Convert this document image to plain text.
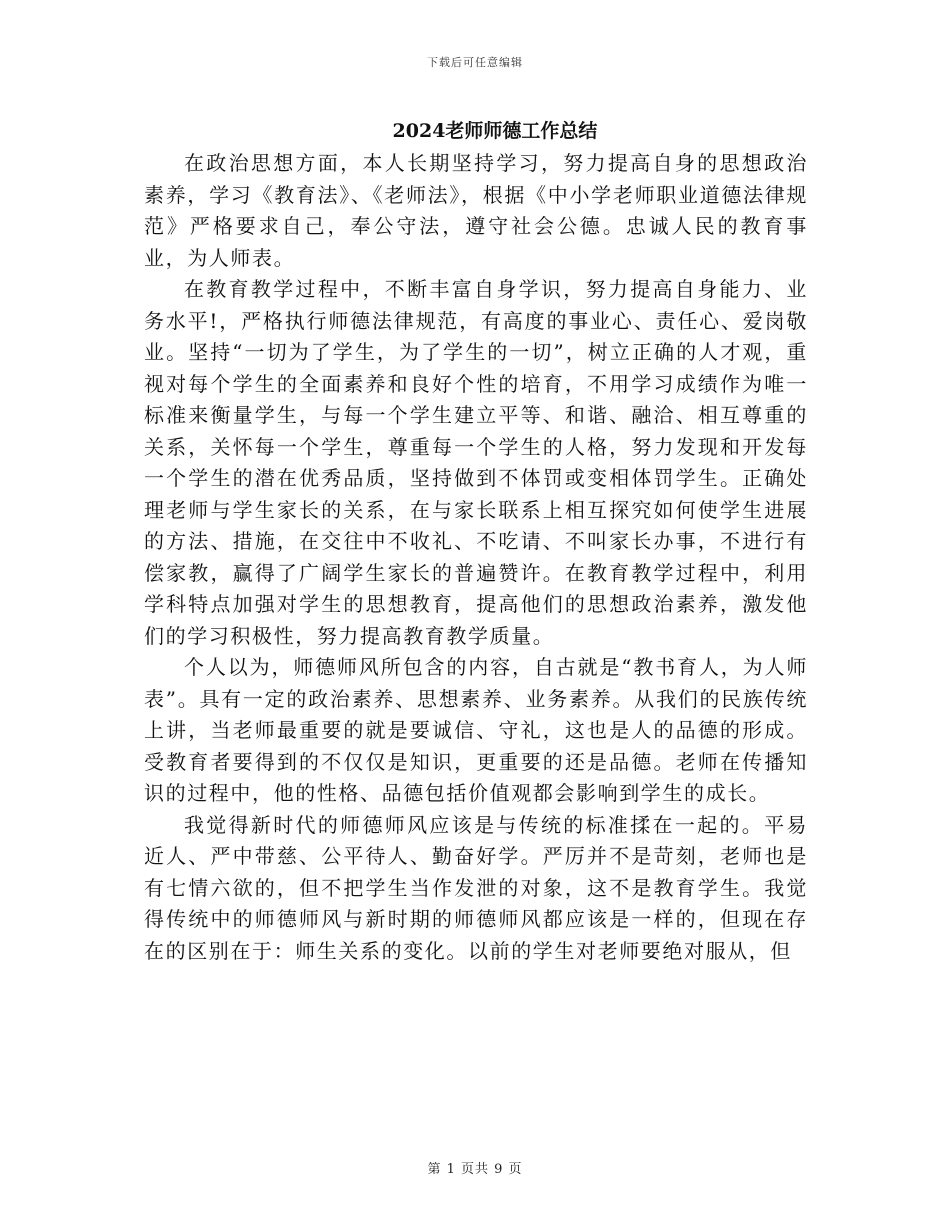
下载后可任意编辑
2024老师师德工作总结

在政治思想方面，本人长期坚持学习，努力提高自身的思想政治素养，学习《教育法》、《老师法》，根据《中小学老师职业道德法律规范》严格要求自己，奉公守法，遵守社会公德。忠诚人民的教育事业，为人师表。

在教育教学过程中，不断丰富自身学识，努力提高自身能力、业务水平!，严格执行师德法律规范，有高度的事业心、责任心、爱岗敬业。坚持“一切为了学生，为了学生的一切”，树立正确的人才观，重视对每个学生的全面素养和良好个性的培育，不用学习成绩作为唯一标准来衡量学生，与每一个学生建立平等、和谐、融洽、相互尊重的关系，关怀每一个学生，尊重每一个学生的人格，努力发现和开发每一个学生的潜在优秀品质，坚持做到不体罚或变相体罚学生。正确处理老师与学生家长的关系，在与家长联系上相互探究如何使学生进展的方法、措施，在交往中不收礼、不吃请、不叫家长办事，不进行有偿家教，赢得了广阔学生家长的普遍赞许。在教育教学过程中，利用学科特点加强对学生的思想教育，提高他们的思想政治素养，激发他们的学习积极性，努力提高教育教学质量。

个人以为，师德师风所包含的内容，自古就是“教书育人，为人师表”。具有一定的政治素养、思想素养、业务素养。从我们的民族传统上讲，当老师最重要的就是要诚信、守礼，这也是人的品德的形成。受教育者要得到的不仅仅是知识，更重要的还是品德。老师在传播知识的过程中，他的性格、品德包括价值观都会影响到学生的成长。

我觉得新时代的师德师风应该是与传统的标准揉在一起的。平易近人、严中带慈、公平待人、勤奋好学。严厉并不是苛刻，老师也是有七情六欲的，但不把学生当作发泄的对象，这不是教育学生。我觉得传统中的师德师风与新时期的师德师风都应该是一样的，但现在存在的区别在于：师生关系的变化。以前的学生对老师要绝对服从，但

第 1 页共 9 页
